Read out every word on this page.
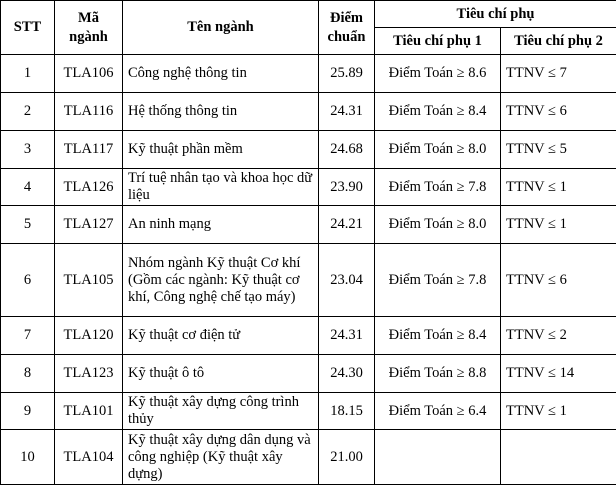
STT	Mã ngành	Tên ngành	Điểm chuẩn	Tiêu chí phụ	
				Tiêu chí phụ 1	Tiêu chí phụ 2
1	TLA106	Công nghệ thông tin	25.89	Điểm Toán ≥ 8.6	TTNV ≤ 7
2	TLA116	Hệ thống thông tin	24.31	Điểm Toán ≥ 8.4	TTNV ≤ 6
3	TLA117	Kỹ thuật phần mềm	24.68	Điểm Toán ≥ 8.0	TTNV ≤ 5
4	TLA126	Trí tuệ nhân tạo và khoa học dữ liệu	23.90	Điểm Toán ≥ 7.8	TTNV ≤ 1
5	TLA127	An ninh mạng	24.21	Điểm Toán ≥ 8.0	TTNV ≤ 1
6	TLA105	Nhóm ngành Kỹ thuật Cơ khí (Gồm các ngành: Kỹ thuật cơ khí, Công nghệ chế tạo máy)	23.04	Điểm Toán ≥ 7.8	TTNV ≤ 6
7	TLA120	Kỹ thuật cơ điện tử	24.31	Điểm Toán ≥ 8.4	TTNV ≤ 2
8	TLA123	Kỹ thuật ô tô	24.30	Điểm Toán ≥ 8.8	TTNV ≤ 14
9	TLA101	Kỹ thuật xây dựng công trình thủy	18.15	Điểm Toán ≥ 6.4	TTNV ≤ 1
10	TLA104	Kỹ thuật xây dựng dân dụng và công nghiệp (Kỹ thuật xây dựng)	21.00		
